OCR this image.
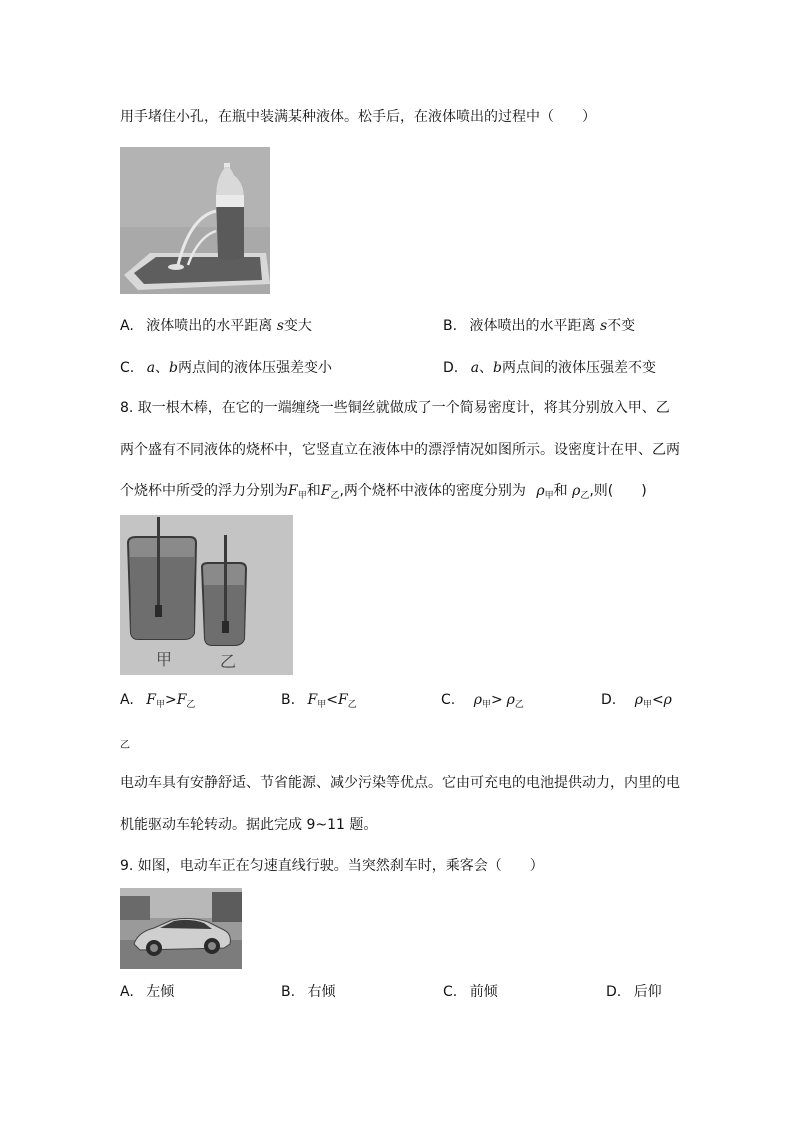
用手堵住小孔，在瓶中装满某种液体。松手后，在液体喷出的过程中（　　）
A. 液体喷出的水平距离 s变大	B. 液体喷出的水平距离 s不变
C. a、b两点间的液体压强差变小	D. a、b两点间的液体压强差不变
8. 取一根木棒，在它的一端缠绕一些铜丝就做成了一个简易密度计，将其分别放入甲、乙
两个盛有不同液体的烧杯中，它竖直立在液体中的漂浮情况如图所示。设密度计在甲、乙两
个烧杯中所受的浮力分别为$F_甲$和$F_乙$,两个烧杯中液体的密度分别为 $\rho_甲$和 $\rho_乙$,则(　　)
甲	乙
A. $F_甲>F_乙$	B. $F_甲<F_乙$	C. $\rho_甲> \rho_乙$	D. $\rho_甲<\rho$
乙
电动车具有安静舒适、节省能源、减少污染等优点。它由可充电的电池提供动力，内里的电
机能驱动车轮转动。据此完成 9~11 题。
9. 如图，电动车正在匀速直线行驶。当突然刹车时，乘客会（　　）
A. 左倾	B. 右倾	C. 前倾	D. 后仰
